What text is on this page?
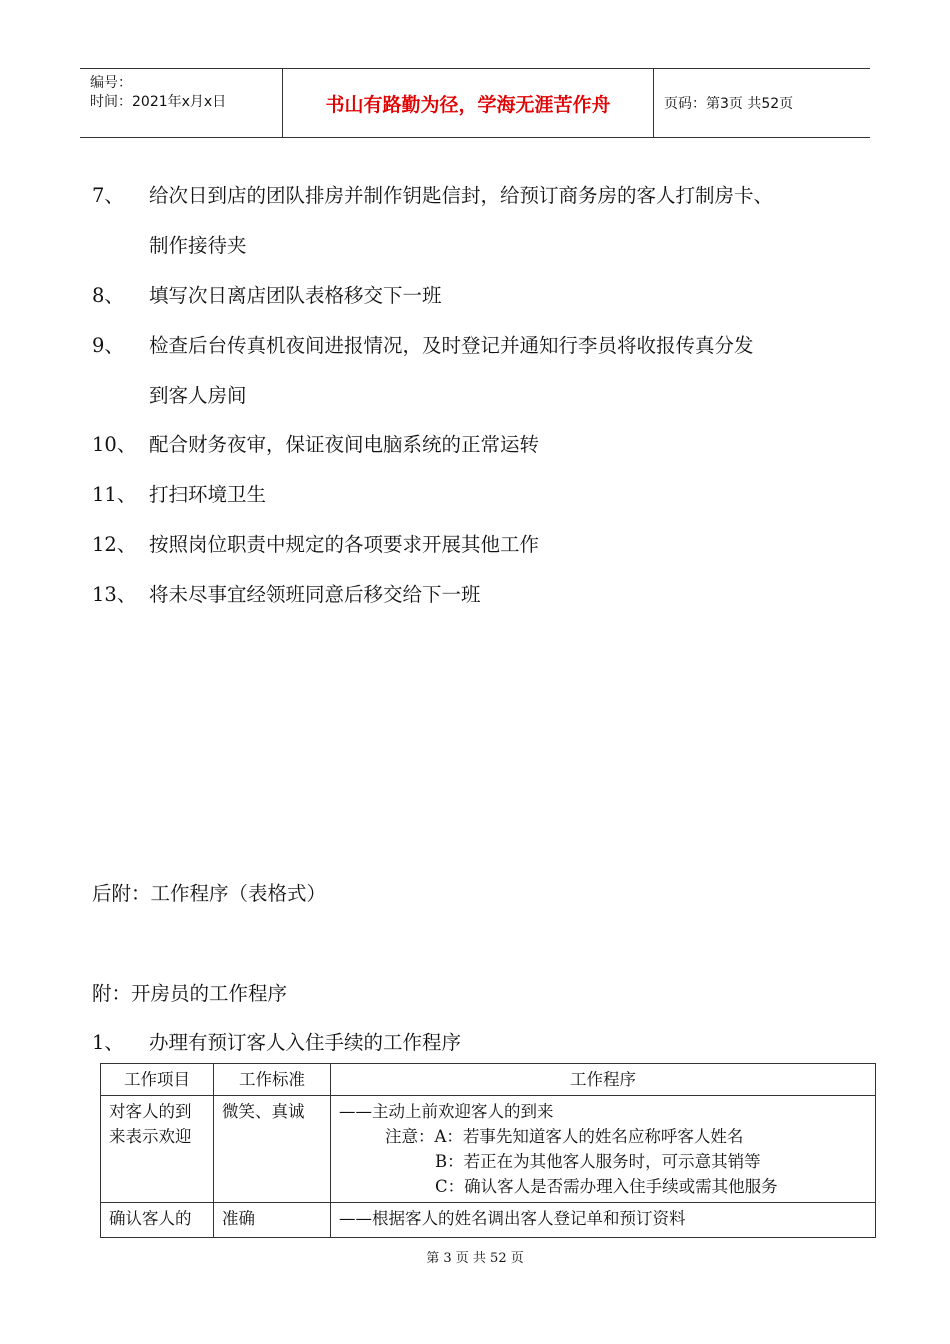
编号：
时间：2021年x月x日	书山有路勤为径，学海无涯苦作舟	页码：第3页 共52页
7、 给次日到店的团队排房并制作钥匙信封，给预订商务房的客人打制房卡、
制作接待夹
8、 填写次日离店团队表格移交下一班
9、 检查后台传真机夜间进报情况，及时登记并通知行李员将收报传真分发
到客人房间
10、 配合财务夜审，保证夜间电脑系统的正常运转
11、 打扫环境卫生
12、 按照岗位职责中规定的各项要求开展其他工作
13、 将未尽事宜经领班同意后移交给下一班
后附：工作程序（表格式）
附：开房员的工作程序
1、 办理有预订客人入住手续的工作程序
工作项目	工作标准	工作程序
对客人的到来表示欢迎	微笑、真诚	——主动上前欢迎客人的到来
注意：A：若事先知道客人的姓名应称呼客人姓名
B：若正在为其他客人服务时，可示意其销等
C：确认客人是否需办理入住手续或需其他服务

确认客人的	准确	——根据客人的姓名调出客人登记单和预订资料
第 3 页 共 52 页
